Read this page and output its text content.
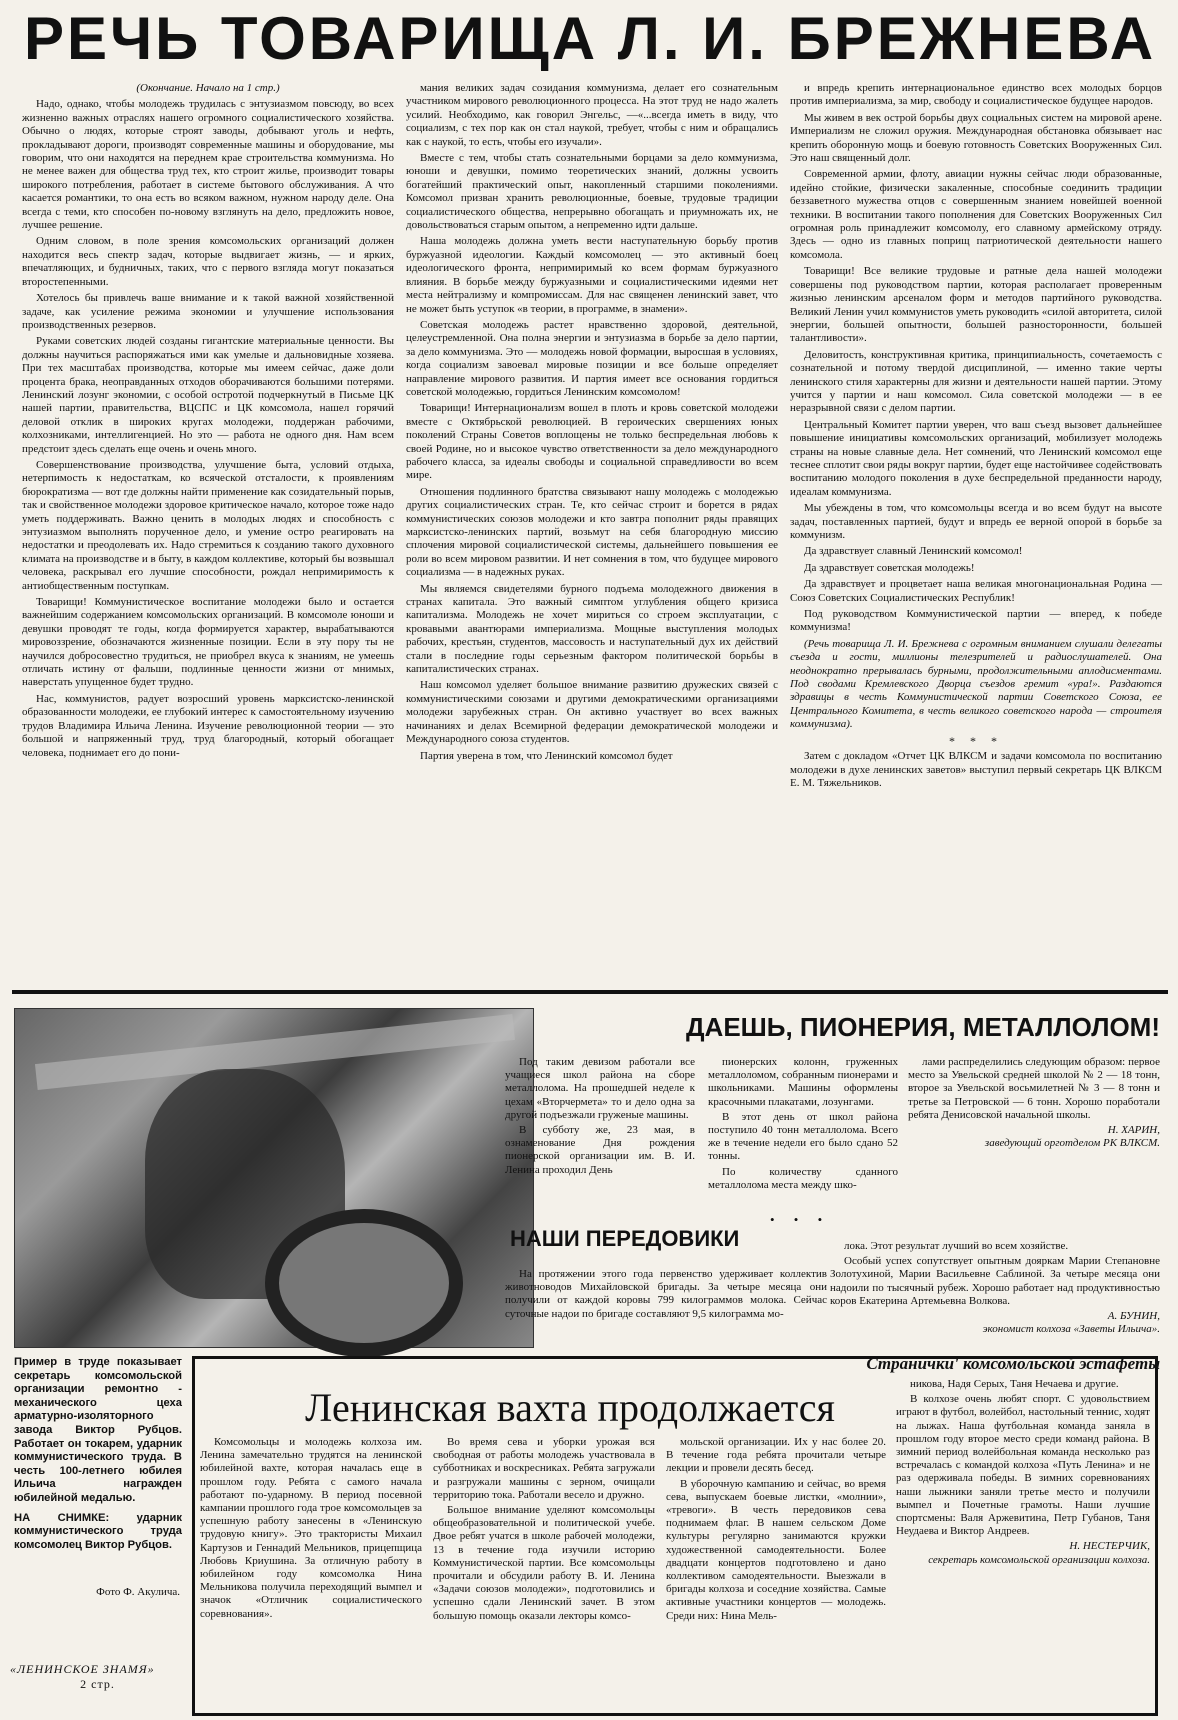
РЕЧЬ ТОВАРИЩА Л. И. БРЕЖНЕВА

(Окончание. Начало на 1 стр.)

Надо, однако, чтобы молодежь трудилась с энтузиазмом повсюду, во всех жизненно важных отраслях нашего огромного социалистического хозяйства. Обычно о людях, которые строят заводы, добывают уголь и нефть, прокладывают дороги, производят современные машины и оборудование, мы говорим, что они находятся на переднем крае строительства коммунизма. Но не менее важен для общества труд тех, кто строит жилье, производит товары широкого потребления, работает в системе бытового обслуживания. А что касается романтики, то она есть во всяком важном, нужном народу деле. Она всегда с теми, кто способен по-новому взглянуть на дело, предложить новое, лучшее решение.

Одним словом, в поле зрения комсомольских организаций должен находится весь спектр задач, которые выдвигает жизнь, — и ярких, впечатляющих, и будничных, таких, что с первого взгляда могут показаться второстепенными.

Хотелось бы привлечь ваше внимание и к такой важной хозяйственной задаче, как усиление режима экономии и улучшение использования производственных резервов.

Руками советских людей созданы гигантские материальные ценности. Вы должны научиться распоряжаться ими как умелые и дальновидные хозяева. При тех масштабах производства, которые мы имеем сейчас, даже доли процента брака, неоправданных отходов оборачиваются большими потерями. Ленинский лозунг экономии, с особой остротой подчеркнутый в Письме ЦК нашей партии, правительства, ВЦСПС и ЦК комсомола, нашел горячий деловой отклик в широких кругах молодежи, поддержан рабочими, колхозниками, интеллигенцией. Но это — работа не одного дня. Нам всем предстоит здесь сделать еще очень и очень много.

Совершенствование производства, улучшение быта, условий отдыха, нетерпимость к недостаткам, ко всяческой отсталости, к проявлениям бюрократизма — вот где должны найти применение как созидательный порыв, так и свойственное молодежи здоровое критическое начало, которое тоже надо уметь поддерживать. Важно ценить в молодых людях и способность с энтузиазмом выполнять порученное дело, и умение остро реагировать на недостатки и преодолевать их. Надо стремиться к созданию такого духовного климата на производстве и в быту, в каждом коллективе, который бы возвышал человека, раскрывал его лучшие способности, рождал непримиримость к антиобщественным поступкам.

Товарищи! Коммунистическое воспитание молодежи было и остается важнейшим содержанием комсомольских организаций. В комсомоле юноши и девушки проводят те годы, когда формируется характер, вырабатываются мировоззрение, обозначаются жизненные позиции. Если в эту пору ты не научился добросовестно трудиться, не приобрел вкуса к знаниям, не умеешь отличать истину от фальши, подлинные ценности жизни от мнимых, наверстать упущенное будет трудно.

Нас, коммунистов, радует возросший уровень марксистско-ленинской образованности молодежи, ее глубокий интерес к самостоятельному изучению трудов Владимира Ильича Ленина. Изучение революционной теории — это большой и напряженный труд, труд благородный, который обогащает человека, поднимает его до пони-

мания великих задач созидания коммунизма, делает его сознательным участником мирового революционного процесса. На этот труд не надо жалеть усилий. Необходимо, как говорил Энгельс, —«...всегда иметь в виду, что социализм, с тех пор как он стал наукой, требует, чтобы с ним и обращались как с наукой, то есть, чтобы его изучали».

Вместе с тем, чтобы стать сознательными борцами за дело коммунизма, юноши и девушки, помимо теоретических знаний, должны усвоить богатейший практический опыт, накопленный старшими поколениями. Комсомол призван хранить революционные, боевые, трудовые традиции социалистического общества, непрерывно обогащать и приумножать их, не довольствоваться старым опытом, а непременно идти дальше.

Наша молодежь должна уметь вести наступательную борьбу против буржуазной идеологии. Каждый комсомолец — это активный боец идеологического фронта, непримиримый ко всем формам буржуазного влияния. В борьбе между буржуазными и социалистическими идеями нет места нейтрализму и компромиссам. Для нас священен ленинский завет, что не может быть уступок «в теории, в программе, в знамени».

Советская молодежь растет нравственно здоровой, деятельной, целеустремленной. Она полна энергии и энтузиазма в борьбе за дело партии, за дело коммунизма. Это — молодежь новой формации, выросшая в условиях, когда социализм завоевал мировые позиции и все больше определяет направление мирового развития. И партия имеет все основания гордиться советской молодежью, гордиться Ленинским комсомолом!

Товарищи! Интернационализм вошел в плоть и кровь советской молодежи вместе с Октябрьской революцией. В героических свершениях юных поколений Страны Советов воплощены не только беспредельная любовь к своей Родине, но и высокое чувство ответственности за дело международного рабочего класса, за идеалы свободы и социальной справедливости во всем мире.

Отношения подлинного братства связывают нашу молодежь с молодежью других социалистических стран. Те, кто сейчас строит и борется в рядах коммунистических союзов молодежи и кто завтра пополнит ряды правящих марксистско-ленинских партий, возьмут на себя благородную миссию сплочения мировой социалистической системы, дальнейшего повышения ее роли во всем мировом развитии. И нет сомнения в том, что будущее мирового социализма — в надежных руках.

Мы являемся свидетелями бурного подъема молодежного движения в странах капитала. Это важный симптом углубления общего кризиса капитализма. Молодежь не хочет мириться со строем эксплуатации, с кровавыми авантюрами империализма. Мощные выступления молодых рабочих, крестьян, студентов, массовость и наступательный дух их действий стали в последние годы серьезным фактором политической борьбы в капиталистических странах.

Наш комсомол уделяет большое внимание развитию дружеских связей с коммунистическими союзами и другими демократическими организациями молодежи зарубежных стран. Он активно участвует во всех важных начинаниях и делах Всемирной федерации демократической молодежи и Международного союза студентов.

Партия уверена в том, что Ленинский комсомол будет

и впредь крепить интернациональное единство всех молодых борцов против империализма, за мир, свободу и социалистическое будущее народов.

Мы живем в век острой борьбы двух социальных систем на мировой арене. Империализм не сложил оружия. Международная обстановка обязывает нас крепить оборонную мощь и боевую готовность Советских Вооруженных Сил. Это наш священный долг.

Современной армии, флоту, авиации нужны сейчас люди образованные, идейно стойкие, физически закаленные, способные соединить традиции беззаветного мужества отцов с совершенным знанием новейшей военной техники. В воспитании такого пополнения для Советских Вооруженных Сил огромная роль принадлежит комсомолу, его славному армейскому отряду. Здесь — одно из главных поприщ патриотической деятельности нашего комсомола.

Товарищи! Все великие трудовые и ратные дела нашей молодежи совершены под руководством партии, которая располагает проверенным жизнью ленинским арсеналом форм и методов партийного руководства. Великий Ленин учил коммунистов уметь руководить «силой авторитета, силой энергии, большей опытности, большей разносторонности, большей талантливости».

Деловитость, конструктивная критика, принципиальность, сочетаемость с сознательной и потому твердой дисциплиной, — именно такие черты ленинского стиля характерны для жизни и деятельности нашей партии. Этому учится у партии и наш комсомол. Сила советской молодежи — в ее неразрывной связи с делом партии.

Центральный Комитет партии уверен, что ваш съезд вызовет дальнейшее повышение инициативы комсомольских организаций, мобилизует молодежь страны на новые славные дела. Нет сомнений, что Ленинский комсомол еще теснее сплотит свои ряды вокруг партии, будет еще настойчивее содействовать воспитанию молодого поколения в духе беспредельной преданности народу, идеалам коммунизма.

Мы убеждены в том, что комсомольцы всегда и во всем будут на высоте задач, поставленных партией, будут и впредь ее верной опорой в борьбе за коммунизм.

Да здравствует славный Ленинский комсомол!

Да здравствует советская молодежь!

Да здравствует и процветает наша великая многонациональная Родина — Союз Советских Социалистических Республик!

Под руководством Коммунистической партии — вперед, к победе коммунизма!

(Речь товарища Л. И. Брежнева с огромным вниманием слушали делегаты съезда и гости, миллионы телезрителей и радиослушателей. Она неоднократно прерывалась бурными, продолжительными аплодисментами. Под сводами Кремлевского Дворца съездов гремит «ура!». Раздаются здравицы в честь Коммунистической партии Советского Союза, ее Центрального Комитета, в честь великого советского народа — строителя коммунизма).

* * *

Затем с докладом «Отчет ЦК ВЛКСМ и задачи комсомола по воспитанию молодежи в духе ленинских заветов» выступил первый секретарь ЦК ВЛКСМ Е. М. Тяжельников.

ДАЕШЬ, ПИОНЕРИЯ, МЕТАЛЛОЛОМ!

Под таким девизом работали все учащиеся школ района на сборе металлолома. На прошедшей неделе к цехам «Вторчермета» то и дело одна за другой подъезжали груженые машины.

В субботу же, 23 мая, в ознаменование Дня рождения пионерской организации им. В. И. Ленина проходил День

пионерских колонн, груженных металлоломом, собранным пионерами и школьниками. Машины оформлены красочными плакатами, лозунгами.

В этот день от школ района поступило 40 тонн металлолома. Всего же в течение недели его было сдано 52 тонны.

По количеству сданного металлолома места между шко-

лами распределились следующим образом: первое место за Увельской средней школой № 2 — 18 тонн, второе за Увельской восьмилетней № 3 — 8 тонн и третье за Петровской — 6 тонн. Хорошо поработали ребята Денисовской начальной школы.

Н. ХАРИН,
заведующий орготделом РК ВЛКСМ.
• • •
НАШИ ПЕРЕДОВИКИ

На протяжении этого года первенство удерживает коллектив животноводов Михайловской бригады. За четыре месяца они получили от каждой коровы 799 килограммов молока. Сейчас суточные надои по бригаде составляют 9,5 килограмма мо-

лока. Этот результат лучший во всем хозяйстве.

Особый успех сопутствует опытным дояркам Марии Степановне Золотухиной, Марии Васильевне Саблиной. За четыре месяца они надоили по тысячный рубеж. Хорошо работает над продуктивностью коров Екатерина Артемьевна Волкова.

А. БУНИН,
экономист колхоза «Заветы Ильича».
Странички' комсомольской эстафеты

Пример в труде показывает секретарь комсомольской организации ремонтно - механического цеха арматурно-изоляторного завода Виктор Рубцов. Работает он токарем, ударник коммунистического труда. В честь 100-летнего юбилея Ильича награжден юбилейной медалью.

НА СНИМКЕ: ударник коммунистического труда комсомолец Виктор Рубцов.

Фото Ф. Акулича.
«ЛЕНИНСКОЕ ЗНАМЯ»
2 стр.
Ленинская вахта продолжается

Комсомольцы и молодежь колхоза им. Ленина замечательно трудятся на ленинской юбилейной вахте, которая началась еще в прошлом году. Ребята с самого начала работают по-ударному. В период посевной кампании прошлого года трое комсомольцев за успешную работу занесены в «Ленинскую трудовую книгу». Это трактористы Михаил Картузов и Геннадий Мельников, прицепщица Любовь Криушина. За отличную работу в юбилейном году комсомолка Нина Мельникова получила переходящий вымпел и значок «Отличник социалистического соревнования».

Во время сева и уборки урожая вся свободная от работы молодежь участвовала в субботниках и воскресниках. Ребята загружали и разгружали машины с зерном, очищали территорию тока. Работали весело и дружно.

Большое внимание уделяют комсомольцы общеобразовательной и политической учебе. Двое ребят учатся в школе рабочей молодежи, 13 в течение года изучили историю Коммунистической партии. Все комсомольцы прочитали и обсудили работу В. И. Ленина «Задачи союзов молодежи», подготовились и успешно сдали Ленинский зачет. В этом большую помощь оказали лекторы комсо-

мольской организации. Их у нас более 20. В течение года ребята прочитали четыре лекции и провели десять бесед.

В уборочную кампанию и сейчас, во время сева, выпускаем боевые листки, «молнии», «тревоги». В честь передовиков сева поднимаем флаг. В нашем сельском Доме культуры регулярно занимаются кружки художественной самодеятельности. Более двадцати концертов подготовлено и дано коллективом самодеятельности. Выезжали в бригады колхоза и соседние хозяйства. Самые активные участники концертов — молодежь. Среди них: Нина Мель-

никова, Надя Серых, Таня Нечаева и другие.

В колхозе очень любят спорт. С удовольствием играют в футбол, волейбол, настольный теннис, ходят на лыжах. Наша футбольная команда заняла в прошлом году второе место среди команд района. В зимний период волейбольная команда несколько раз встречалась с командой колхоза «Путь Ленина» и не раз одерживала победы. В зимних соревнованиях наши лыжники заняли третье место и получили вымпел и Почетные грамоты. Наши лучшие спортсмены: Валя Аржевитина, Петр Губанов, Таня Неудаева и Виктор Андреев.

Н. НЕСТЕРЧИК,
секретарь комсомольской организации колхоза.
